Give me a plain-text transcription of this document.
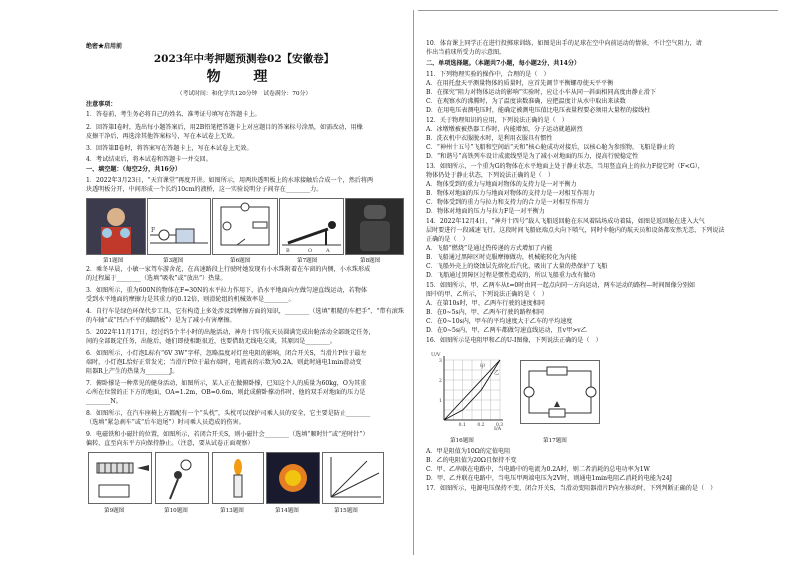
绝密★启用前
2023年中考押题预测卷02【安徽卷】
物 理
（考试时间：和化学共120分钟　试卷满分：70分）
注意事项：
1．答卷前，考生务必将自己的姓名、准考证号填写在答题卡上。
2．回答第Ⅰ卷时，选出每小题答案后，用2B铅笔把答题卡上对应题目的答案标号涂黑，如需改动，用橡
皮擦干净后，再选涂其他答案标号，写在本试卷上无效。
3．回答第Ⅱ卷时，将答案写在答题卡上，写在本试卷上无效。
4．考试结束后，将本试卷和答题卡一并交回。
一、填空题：（每空2分，共16分）
1．2022年3月23日，“天宫课堂”再度开讲。如图所示，用两块透明板上的水球接触后合成一个，然后将两
块透明板分开，中间形成一个长约10cm的液桥，这一实验说明分子间存在________力。
F
B	O	A
第1题图	第3题图	第6题图	第7题图	第8题图
2．乘冬早晨，小敏一家驾车游舍花，在高速路段上行驶时她发现有小水珠附着在车窗的内侧，小水珠形成
的过程属于________（选填“吸收”或“放出”）热量。
3．如图所示，重为600N的物体在F=30N的水平拉力作用下，沿水平地面向左做匀速直线运动，若物体
受到水平地面的摩擦力是其重力的0.12倍，则滑轮组的机械效率是________。
4．自行车是绿色环保代步工具，它有构造上多处涉及到摩擦方面的知识，________（选填“粗糙的车把手”、“带有滚珠
的车轴”或“凹凸不平的脚踏板”）是为了减小有害摩擦。
5．2022年11月17日，经过约5个半小时的出舱活动，神舟十四号航天员圆满完成出舱活动全部既定任务，
间的全部既定任务，出舱后，她们即使相距很近，也要借助无线电交谈，其原因是________。
6．如图所示，小灯泡L标有“6V 3W”字样，忽略温度对灯丝电阻的影响，闭合开关S，当滑片P位于最左
端时，小灯泡L恰好正常发光；当滑片P位于最右端时，电流表的示数为0.2A，则此时通电1min滑动变
阻器R上产生的热量为________J。
7．俯卧撑是一种常见的健身活动，如图所示，某人正在做俯卧撑，已知这个人的质量为60kg，O为其重
心所在位置的正下方的地面，OA=1.2m，OB=0.6m，则此成俯卧撑动作时，他的双手对地面的压力是
________N。
8．如图所示，在汽车座椅上方都配有一个“头枕”，头枕可以保护司乘人员的安全，它主要是防止________
（选填“紧急刹车”或“后车追尾”）时司乘人员造成的伤害。
9．电磁铁和小磁针的位置，如图所示，若闭合开关S，则小磁针会________（选填“顺时针”或“逆时针”）
偏转，直至向东平方向保持静止。（注意，要从试卷正面观察）
第9题图	第10题图	第13题图	第14题图	第15题图
10．体育课上同学正在进行投掷球训练，如图是出手的足球在空中向前运动的情景，不计空气阻力，请
作出当前球所受力的示意图。
二、单项选择题。（本题共7小题，每小题2分，共14分）
11．下列物理实验的操作中，合理的是（　）
A．在用托盘天平测量物体的质量时，应首先调节平衡螺母使天平平衡
B．在探究“阻力对物体运动的影响”实验时，应让小车从同一斜面相同高度由静止滑下
C．在观察水的沸腾时，为了温度读数准确，应把温度计从水中取出来读数
D．在用电压表测电压时，能确定被测电压值比电压表量程要必须用大量程的接线柱
12．关于物理知识的应用，下列说法正确的是（　）
A．冰墩墩被被热器工作时，内能增加，分子运动就越剧烈
B．洗衣机中衣服脱水时，是利用衣服具有惯性
C．“神州十五号”飞船和空间站“天和”核心舱成功对接后，以核心舱为参照物，飞船是静止的
D．“和谐号”高铁列车设计成流线型是为了减小对地面的压力，提高行驶稳定性
13．如图所示，一个重为G的物体在水平地面上处于静止状态，当用竖直向上的拉力F提它时（F<G），
物体仍处于静止状态，下列说法正确的是（　）
A．物体受到的重力与地面对物体的支持力是一对平衡力
B．物体对地面的压力与地面对物体的支持力是一对相互作用力
C．物体受到的重力与拉力和支持力的合力是一对相互作用力
D．物体对地面的压力与拉力F是一对平衡力
14．2022年12月4日，“神舟十四号”载人飞船返回舱在东风着陆场成功着陆，如图是返回舱在进入大气
层时要进行一段减速飞行，这段时间飞船底端点火向下喷气，同时伞舱内的航天员和设备都安然无恙，下列说法
正确的是（　）
A．飞船“燃烧”是通过热传递的方式增加了内能
B．飞船通过黑障区时克服摩擦做功，机械能转化为内能
C．飞船外壳上的烧蚀层先熔化后汽化，吸出了大量的热保护了飞船
D．飞船通过黑障区过程是惯性造成的，所以飞船重力改有做功
15．如图所示，甲、乙两车从t=0时由同一起点向同一方向运动，两车运动的路程—时间图像分别如
图中的甲、乙所示，下列说法正确的是（　）
A．在第10s时，甲、乙两车行驶的速度相同
B．在0~5s内，甲、乙两车行驶的路程相同
C．在0~10s内，甲车的平均速度大于乙车的平均速度
D．在0~5s内，甲、乙两车都做匀速直线运动，且v甲>v乙
16．如图所示是电阻甲和乙的U-I图像，下列说法正确的是（　）
U/V
I/A
0.1	0.2	0.3
1
2
3
甲
乙
第16题图	第17题图
A．甲是阻值为10Ω的定值电阻
B．乙的电阻值为20Ω且保持不变
C．甲、乙串联在电路中，当电路中的电流为0.2A时，则二者消耗的总电功率为1W
D．甲、乙并联在电路中，当电压甲两端电压为2V时，则通电1min电阻乙消耗的电能为24J
17．如图所示，电源电压保持不变，闭合开关S，当滑动变阻器滑片P向左移动时，下列判断正确的是（　）
